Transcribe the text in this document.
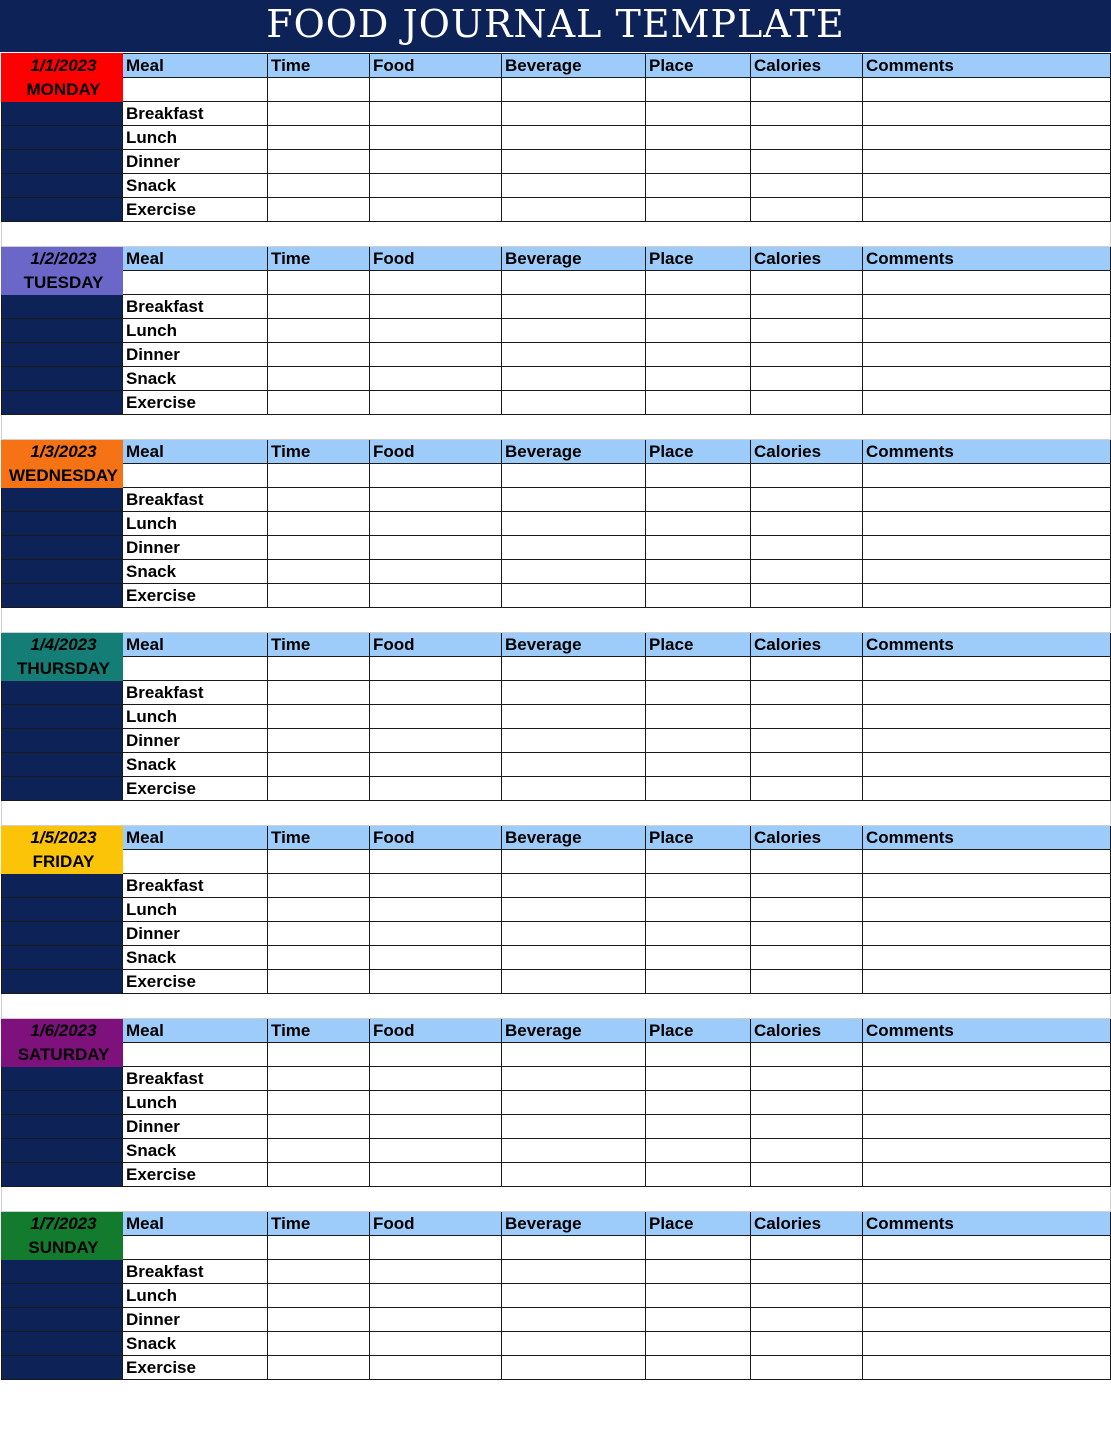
FOOD JOURNAL TEMPLATE
1/1/2023	Meal	Time	Food	Beverage	Place	Calories	Comments
MONDAY							
	Breakfast						
	Lunch						
	Dinner						
	Snack						
	Exercise						

1/2/2023	Meal	Time	Food	Beverage	Place	Calories	Comments
TUESDAY							
	Breakfast						
	Lunch						
	Dinner						
	Snack						
	Exercise						

1/3/2023	Meal	Time	Food	Beverage	Place	Calories	Comments
WEDNESDAY							
	Breakfast						
	Lunch						
	Dinner						
	Snack						
	Exercise						

1/4/2023	Meal	Time	Food	Beverage	Place	Calories	Comments
THURSDAY							
	Breakfast						
	Lunch						
	Dinner						
	Snack						
	Exercise						

1/5/2023	Meal	Time	Food	Beverage	Place	Calories	Comments
FRIDAY							
	Breakfast						
	Lunch						
	Dinner						
	Snack						
	Exercise						

1/6/2023	Meal	Time	Food	Beverage	Place	Calories	Comments
SATURDAY							
	Breakfast						
	Lunch						
	Dinner						
	Snack						
	Exercise						

1/7/2023	Meal	Time	Food	Beverage	Place	Calories	Comments
SUNDAY							
	Breakfast						
	Lunch						
	Dinner						
	Snack						
	Exercise						
